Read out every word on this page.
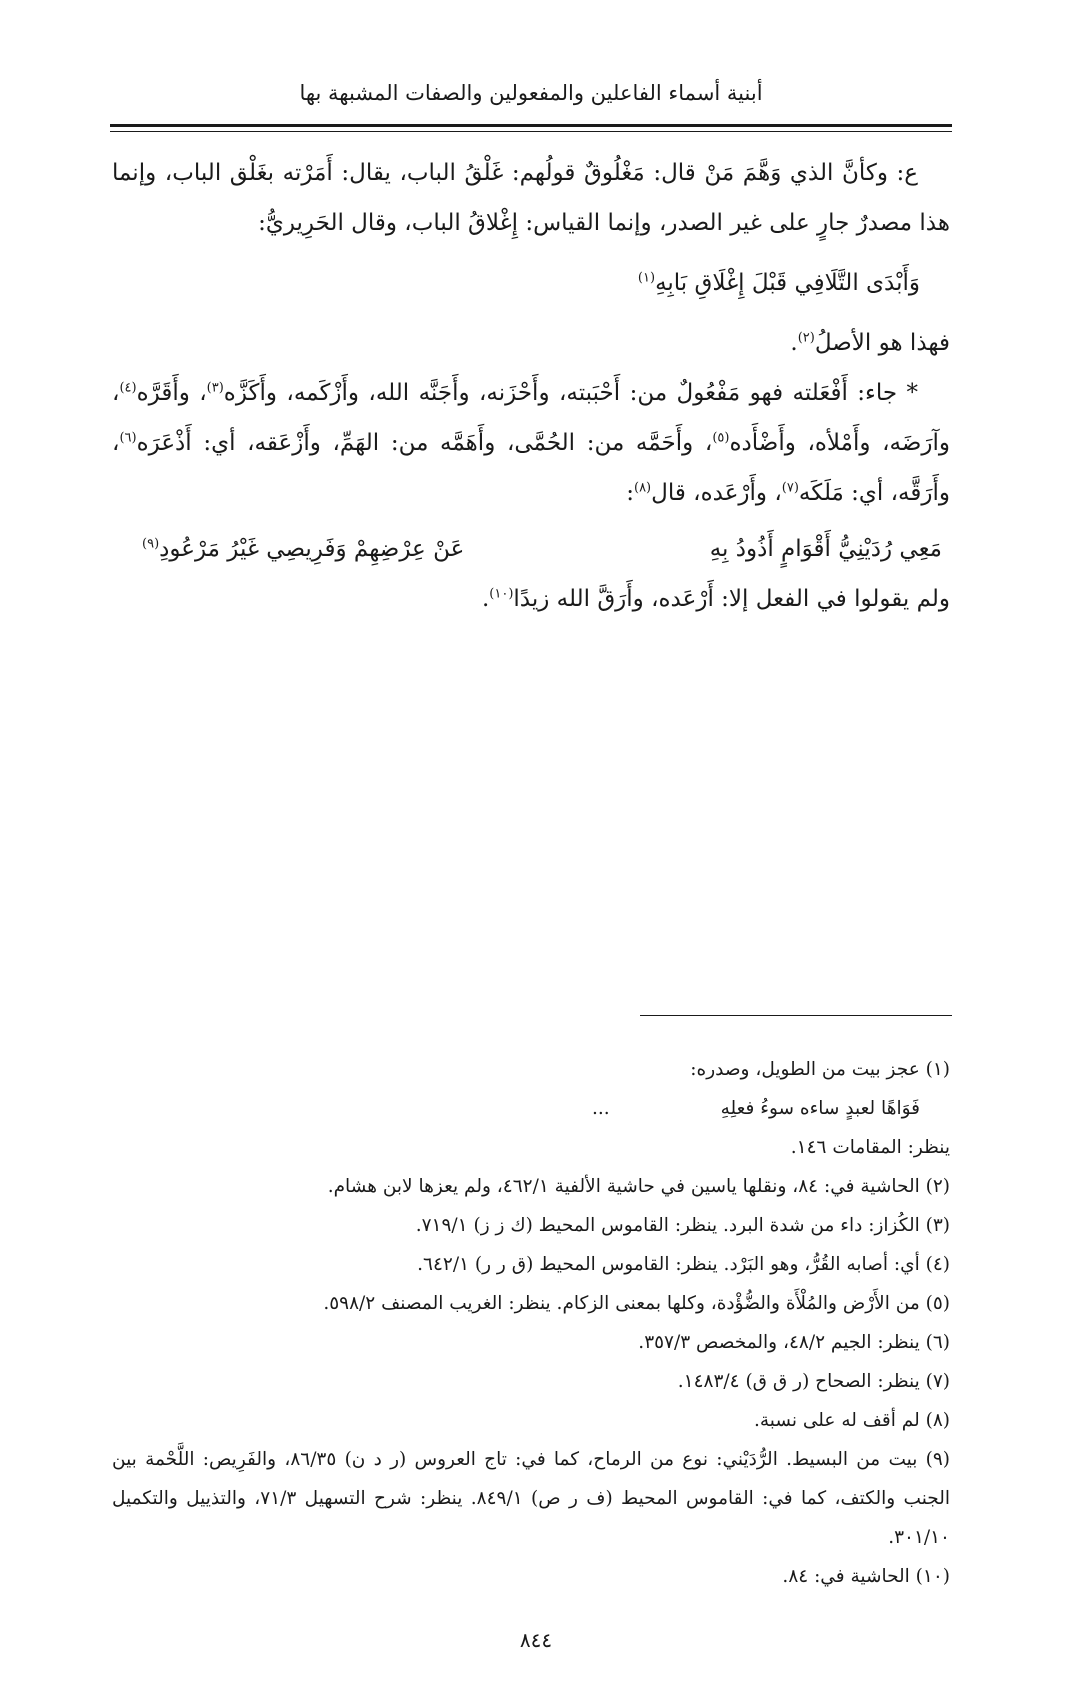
أبنية أسماء الفاعلين والمفعولين والصفات المشبهة بها

ع: وكأنَّ الذي وَهَّمَ مَنْ قال: مَغْلُوقٌ قولُهم: غَلْقُ الباب، يقال: أَمَرْته بغَلْق الباب، وإنما هذا مصدرٌ جارٍ على غير الصدر، وإنما القياس: إِغْلاقُ الباب، وقال الحَرِيريُّ:

وَأَبْدَى التَّلَافِي قَبْلَ إِغْلَاقِ بَابِهِ$^{(١)}$

فهذا هو الأصلُ$^{(٢)}$.

* جاء: أَفْعَلته فهو مَفْعُولٌ من: أَحْبَبته، وأَحْزَنه، وأَجَنَّه الله، وأَزْكَمه، وأَكَزَّه$^{(٣)}$، وأَقَرَّه$^{(٤)}$، وآرَضَه، وأَمْلأه، وأَضْأَده$^{(٥)}$، وأَحَمَّه من: الحُمَّى، وأَهَمَّه من: الهَمِّ، وأَزْعَقه، أي: أَذْعَرَه$^{(٦)}$، وأَرَقَّه، أي: مَلَكَه$^{(٧)}$، وأَرْعَده، قال$^{(٨)}$:

مَعِي رُدَيْنِيُّ أَقْوَامٍ أَذُودُ بِهِ
عَنْ عِرْضِهِمْ وَفَرِيصِي غَيْرُ مَرْعُودِ$^{(٩)}$

ولم يقولوا في الفعل إلا: أَرْعَده، وأَرَقَّ الله زيدًا$^{(١٠)}$.

(١) عجز بيت من الطويل، وصدره:

فَوَاهًا لعبدٍ ساءه سوءُ فعلِهِ
...

ينظر: المقامات ١٤٦.

(٢) الحاشية في: ٨٤، ونقلها ياسين في حاشية الألفية ٤٦٢/١، ولم يعزها لابن هشام.

(٣) الكُزاز: داء من شدة البرد. ينظر: القاموس المحيط (ك ز ز) ٧١٩/١.

(٤) أي: أصابه القُرُّ، وهو البَرْد. ينظر: القاموس المحيط (ق ر ر) ٦٤٢/١.

(٥) من الأَرْض والمُلْأَة والضُّؤْدة، وكلها بمعنى الزكام. ينظر: الغريب المصنف ٥٩٨/٢.

(٦) ينظر: الجيم ٤٨/٢، والمخصص ٣٥٧/٣.

(٧) ينظر: الصحاح (ر ق ق) ١٤٨٣/٤.

(٨) لم أقف له على نسبة.

(٩) بيت من البسيط. الرُّدَيْني: نوع من الرماح، كما في: تاج العروس (ر د ن) ٨٦/٣٥، والفَرِيص: اللَّحْمة بين الجنب والكتف، كما في: القاموس المحيط (ف ر ص) ٨٤٩/١. ينظر: شرح التسهيل ٧١/٣، والتذييل والتكميل ٣٠١/١٠.

(١٠) الحاشية في: ٨٤.

٨٤٤
